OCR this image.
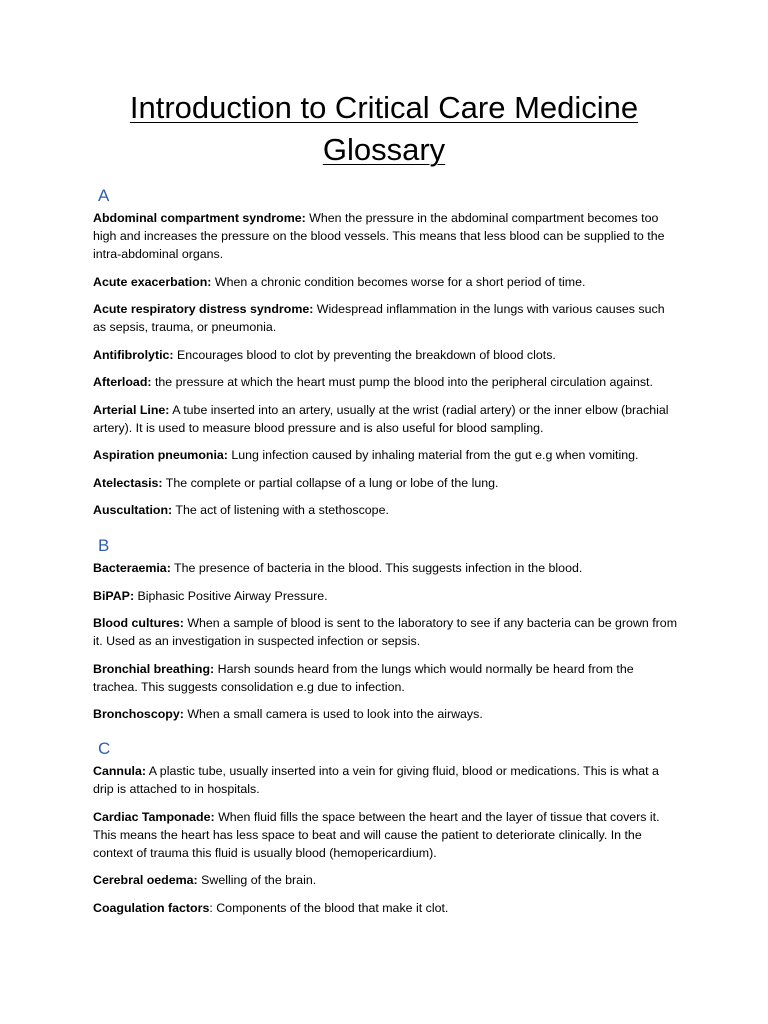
Introduction to Critical Care Medicine
Glossary
A

Abdominal compartment syndrome: When the pressure in the abdominal compartment becomes too high and increases the pressure on the blood vessels. This means that less blood can be supplied to the intra-abdominal organs.

Acute exacerbation: When a chronic condition becomes worse for a short period of time.

Acute respiratory distress syndrome: Widespread inflammation in the lungs with various causes such as sepsis, trauma, or pneumonia.

Antifibrolytic: Encourages blood to clot by preventing the breakdown of blood clots.

Afterload: the pressure at which the heart must pump the blood into the peripheral circulation against.

Arterial Line: A tube inserted into an artery, usually at the wrist (radial artery) or the inner elbow (brachial artery). It is used to measure blood pressure and is also useful for blood sampling.

Aspiration pneumonia: Lung infection caused by inhaling material from the gut e.g when vomiting.

Atelectasis: The complete or partial collapse of a lung or lobe of the lung.

Auscultation: The act of listening with a stethoscope.

B

Bacteraemia: The presence of bacteria in the blood. This suggests infection in the blood.

BiPAP: Biphasic Positive Airway Pressure.

Blood cultures: When a sample of blood is sent to the laboratory to see if any bacteria can be grown from it. Used as an investigation in suspected infection or sepsis.

Bronchial breathing: Harsh sounds heard from the lungs which would normally be heard from the trachea. This suggests consolidation e.g due to infection.

Bronchoscopy: When a small camera is used to look into the airways.

C

Cannula: A plastic tube, usually inserted into a vein for giving fluid, blood or medications. This is what a drip is attached to in hospitals.

Cardiac Tamponade: When fluid fills the space between the heart and the layer of tissue that covers it. This means the heart has less space to beat and will cause the patient to deteriorate clinically. In the context of trauma this fluid is usually blood (hemopericardium).

Cerebral oedema: Swelling of the brain.

Coagulation factors: Components of the blood that make it clot.
